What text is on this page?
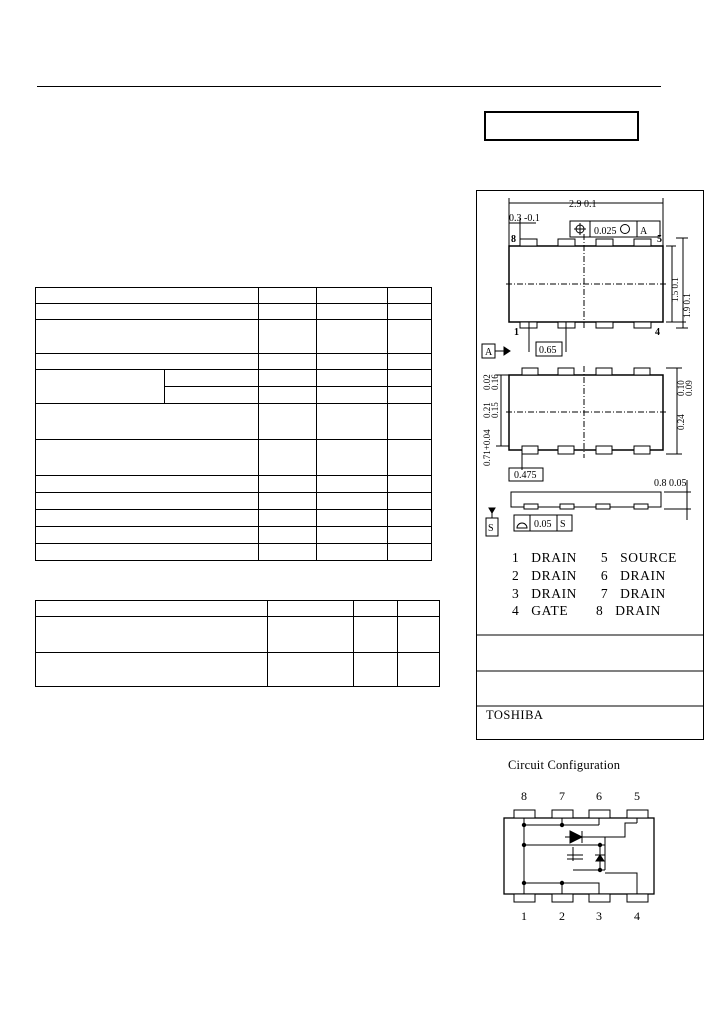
2.9 0.1
0.3 -0.1
0.025 A
0.65
0.475
0.8 0.05
0.05 S
S
A
8	5
1	4
1.5 0.1
1.9 0.1
0.02
0.16
0.21
0.15
0.71+0.04
0.10
0.09
0.24
TOSHIBA
1   DRAIN      5   SOURCE
2   DRAIN      6   DRAIN
3   DRAIN      7   DRAIN
4   GATE       8   DRAIN
Circuit Configuration
8	7	6	5
1	2	3	4
